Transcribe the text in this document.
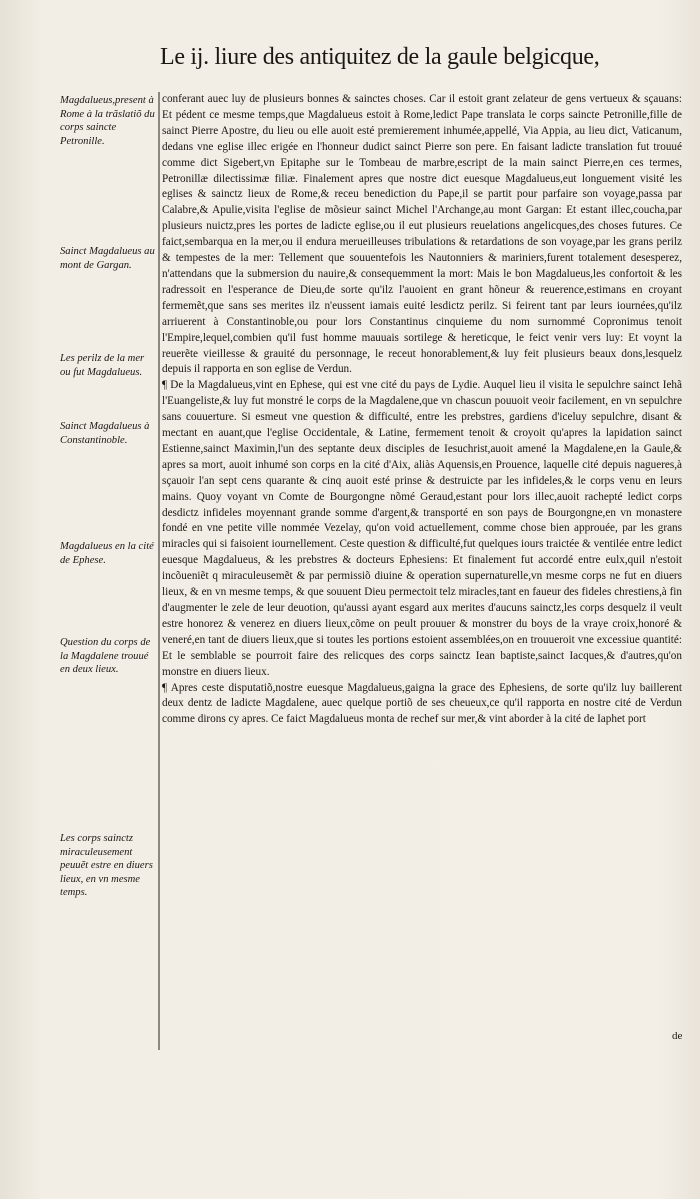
Le ij. liure des antiquitez de la gaule belgicque,
Magdalueus,present à Rome à la trãslatiõ du corps saincte Petronille.
Sainct Magdalueus au mont de Gargan.
Les perilz de la mer ou fut Magdalueus.
Sainct Magdalueus à Constantinoble.
Magdalueus en la cité de Ephese.
Question du corps de la Magdalene trouué en deux lieux.
Les corps sainctz miraculeusement peuuẽt estre en diuers lieux, en vn mesme temps.

conferant auec luy de plusieurs bonnes & sainctes choses. Car il estoit grant zelateur de gens vertueux & sçauans: Et pédent ce mesme temps,que Magdalueus estoit à Rome,ledict Pape translata le corps saincte Petronille,fille de sainct Pierre Apostre, du lieu ou elle auoit esté premierement inhumée,appellé, Via Appia, au lieu dict, Vaticanum, dedans vne eglise illec erigée en l'honneur dudict sainct Pierre son pere. En faisant ladicte translation fut trouué comme dict Sigebert,vn Epitaphe sur le Tombeau de marbre,escript de la main sainct Pierre,en ces termes, Petronillæ dilectissimæ filiæ. Finalement apres que nostre dict euesque Magdalueus,eut longuement visité les eglises & sainctz lieux de Rome,& receu benediction du Pape,il se partit pour parfaire son voyage,passa par Calabre,& Apulie,visita l'eglise de mõsieur sainct Michel l'Archange,au mont Gargan: Et estant illec,coucha,par plusieurs nuictz,pres les portes de ladicte eglise,ou il eut plusieurs reuelations angelicques,des choses futures. Ce faict,sembarqua en la mer,ou il endura merueilleuses tribulations & retardations de son voyage,par les grans perilz & tempestes de la mer: Tellement que souuentefois les Nautonniers & mariniers,furent totalement desesperez, n'attendans que la submersion du nauire,& consequemment la mort: Mais le bon Magdalueus,les confortoit & les radressoit en l'esperance de Dieu,de sorte qu'ilz l'auoient en grant hõneur & reuerence,estimans en croyant fermemẽt,que sans ses merites ilz n'eussent iamais euité lesdictz perilz. Si feirent tant par leurs iournées,qu'ilz arriuerent à Constantinoble,ou pour lors Constantinus cinquieme du nom surnommé Copronimus tenoit l'Empire,lequel,combien qu'il fust homme mauuais sortilege & hereticque, le feict venir vers luy: Et voynt la reuerẽte vieillesse & grauité du personnage, le receut honorablement,& luy feit plusieurs beaux dons,lesquelz depuis il rapporta en son eglise de Verdun.

¶ De la Magdalueus,vint en Ephese, qui est vne cité du pays de Lydie. Auquel lieu il visita le sepulchre sainct Iehã l'Euangeliste,& luy fut monstré le corps de la Magdalene,que vn chascun pouuoit veoir facilement, en vn sepulchre sans couuerture. Si esmeut vne question & difficulté, entre les prebstres, gardiens d'iceluy sepulchre, disant & mectant en auant,que l'eglise Occidentale, & Latine, fermement tenoit & croyoit qu'apres la lapidation sainct Estienne,sainct Maximin,l'un des septante deux disciples de Iesuchrist,auoit amené la Magdalene,en la Gaule,& apres sa mort, auoit inhumé son corps en la cité d'Aix, aliàs Aquensis,en Prouence, laquelle cité depuis nagueres,à sçauoir l'an sept cens quarante & cinq auoit esté prinse & destruicte par les infideles,& le corps venu en leurs mains. Quoy voyant vn Comte de Bourgongne nõmé Geraud,estant pour lors illec,auoit rachepté ledict corps desdictz infideles moyennant grande somme d'argent,& transporté en son pays de Bourgongne,en vn monastere fondé en vne petite ville nommée Vezelay, qu'on void actuellement, comme chose bien approuée, par les grans miracles qui si faisoient iournellement. Ceste question & difficulté,fut quelques iours traictée & ventilée entre ledict euesque Magdalueus, & les prebstres & docteurs Ephesiens: Et finalement fut accordé entre eulx,quil n'estoit incõueniẽt q miraculeusemẽt & par permissiõ diuine & operation supernaturelle,vn mesme corps ne fut en diuers lieux, & en vn mesme temps, & que souuent Dieu permectoit telz miracles,tant en faueur des fideles chrestiens,à fin d'augmenter le zele de leur deuotion, qu'aussi ayant esgard aux merites d'aucuns sainctz,les corps desquelz il veult estre honorez & venerez en diuers lieux,cõme on peult prouuer & monstrer du boys de la vraye croix,honoré & veneré,en tant de diuers lieux,que si toutes les portions estoient assemblées,on en trouueroit vne excessiue quantité: Et le semblable se pourroit faire des relicques des corps sainctz Iean baptiste,sainct Iacques,& d'autres,qu'on monstre en diuers lieux.

¶ Apres ceste disputatiõ,nostre euesque Magdalueus,gaigna la grace des Ephesiens, de sorte qu'ilz luy baillerent deux dentz de ladicte Magdalene, auec quelque portiõ de ses cheueux,ce qu'il rapporta en nostre cité de Verdun comme dirons cy apres. Ce faict Magdalueus monta de rechef sur mer,& vint aborder à la cité de Iaphet port

de
